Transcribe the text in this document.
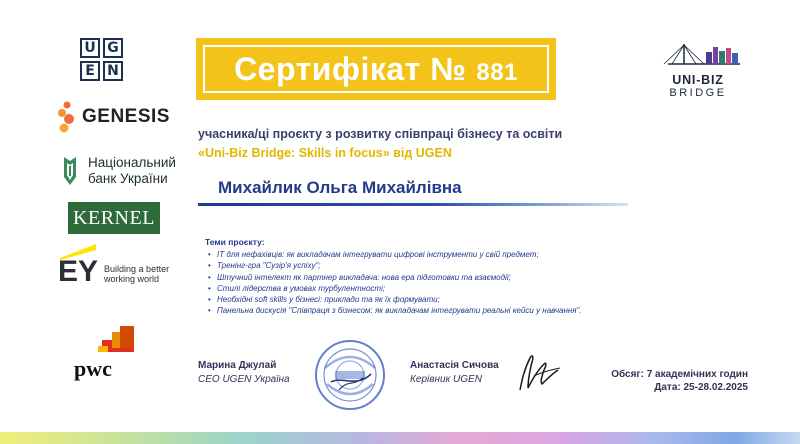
U G
E N
GENESIS
Національний
банк України
KERNEL
EY Building a better
working world
pwc
Сертифікат № 881	UNI-BIZ
BRIDGE
учасника/ці проєкту з розвитку співпраці бізнесу та освіти
«Uni-Biz Bridge: Skills in focus» від UGEN
Михайлик Ольга Михайлівна
Теми проєкту:
• ІТ для нефахівців: як викладачам інтегрувати цифрові інструменти у свій предмет;
• Тренінг-гра "Сузір'я успіху";
• Штучний інтелект як партнер викладача: нова ера підготовки та взаємодії;
• Стилі лідерства в умовах турбулентності;
• Необхідні soft skills у бізнесі: приклади та як їх формувати;
• Панельна дискусія "Співпраця з бізнесом: як викладачам інтегрувати реальні кейси у навчання".
Марина Джулай
CEO UGEN Україна
Анастасія Сичова
Керівник UGEN	Обсяг: 7 академічних годин
Дата: 25-28.02.2025
